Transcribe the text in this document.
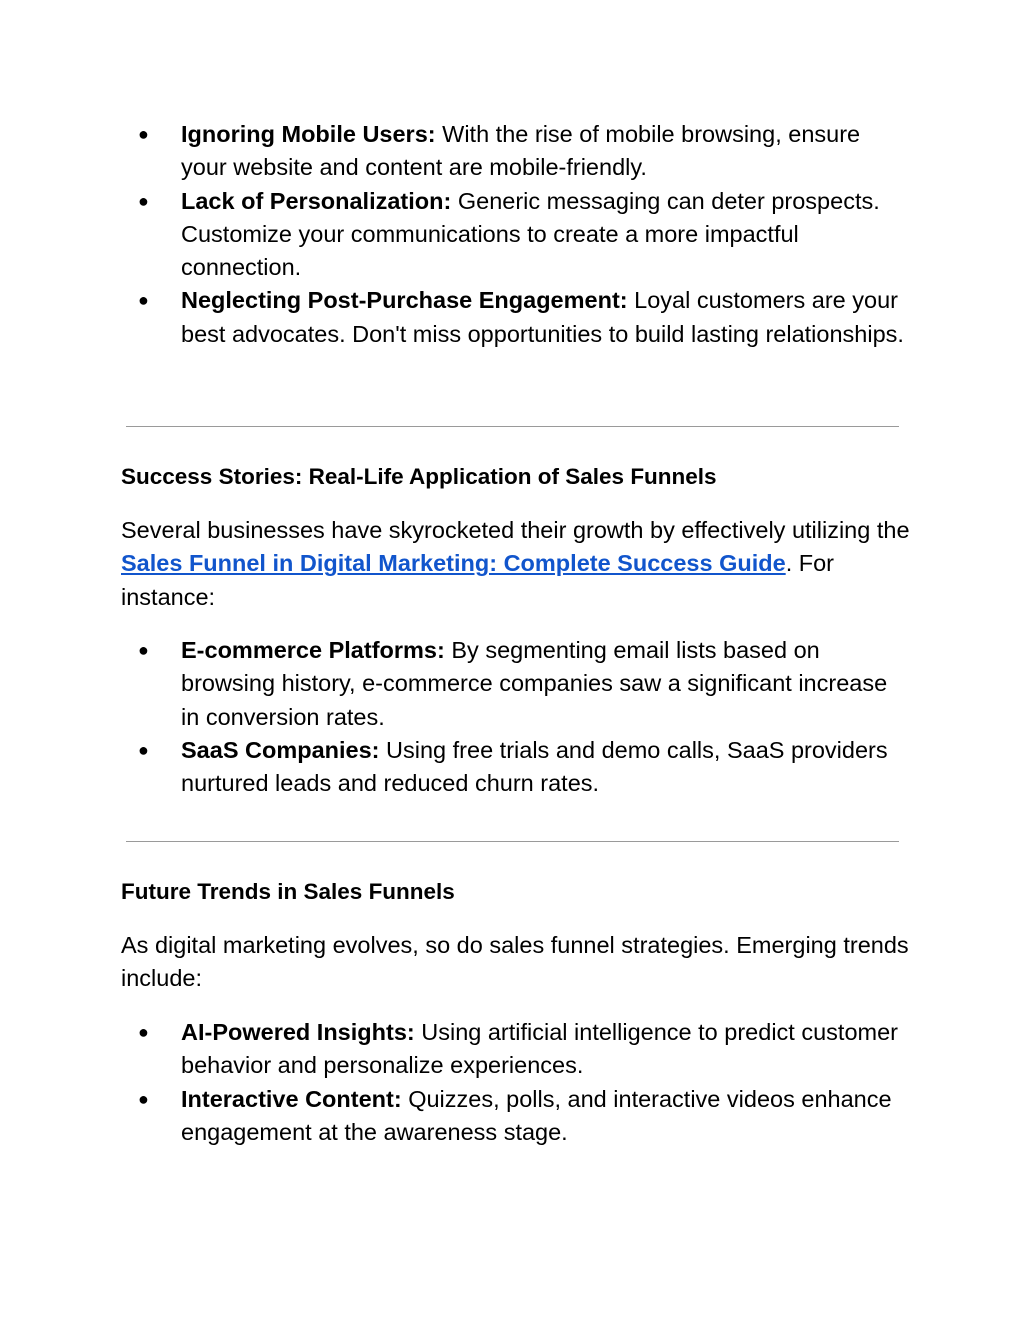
● Ignoring Mobile Users: With the rise of mobile browsing, ensure your website and content are mobile-friendly.
● Lack of Personalization: Generic messaging can deter prospects. Customize your communications to create a more impactful connection.
● Neglecting Post-Purchase Engagement: Loyal customers are your best advocates. Don't miss opportunities to build lasting relationships.
Success Stories: Real-Life Application of Sales Funnels

Several businesses have skyrocketed their growth by effectively utilizing the Sales Funnel in Digital Marketing: Complete Success Guide. For instance:

● E-commerce Platforms: By segmenting email lists based on browsing history, e-commerce companies saw a significant increase in conversion rates.
● SaaS Companies: Using free trials and demo calls, SaaS providers nurtured leads and reduced churn rates.
Future Trends in Sales Funnels

As digital marketing evolves, so do sales funnel strategies. Emerging trends include:

● AI-Powered Insights: Using artificial intelligence to predict customer behavior and personalize experiences.
● Interactive Content: Quizzes, polls, and interactive videos enhance engagement at the awareness stage.
